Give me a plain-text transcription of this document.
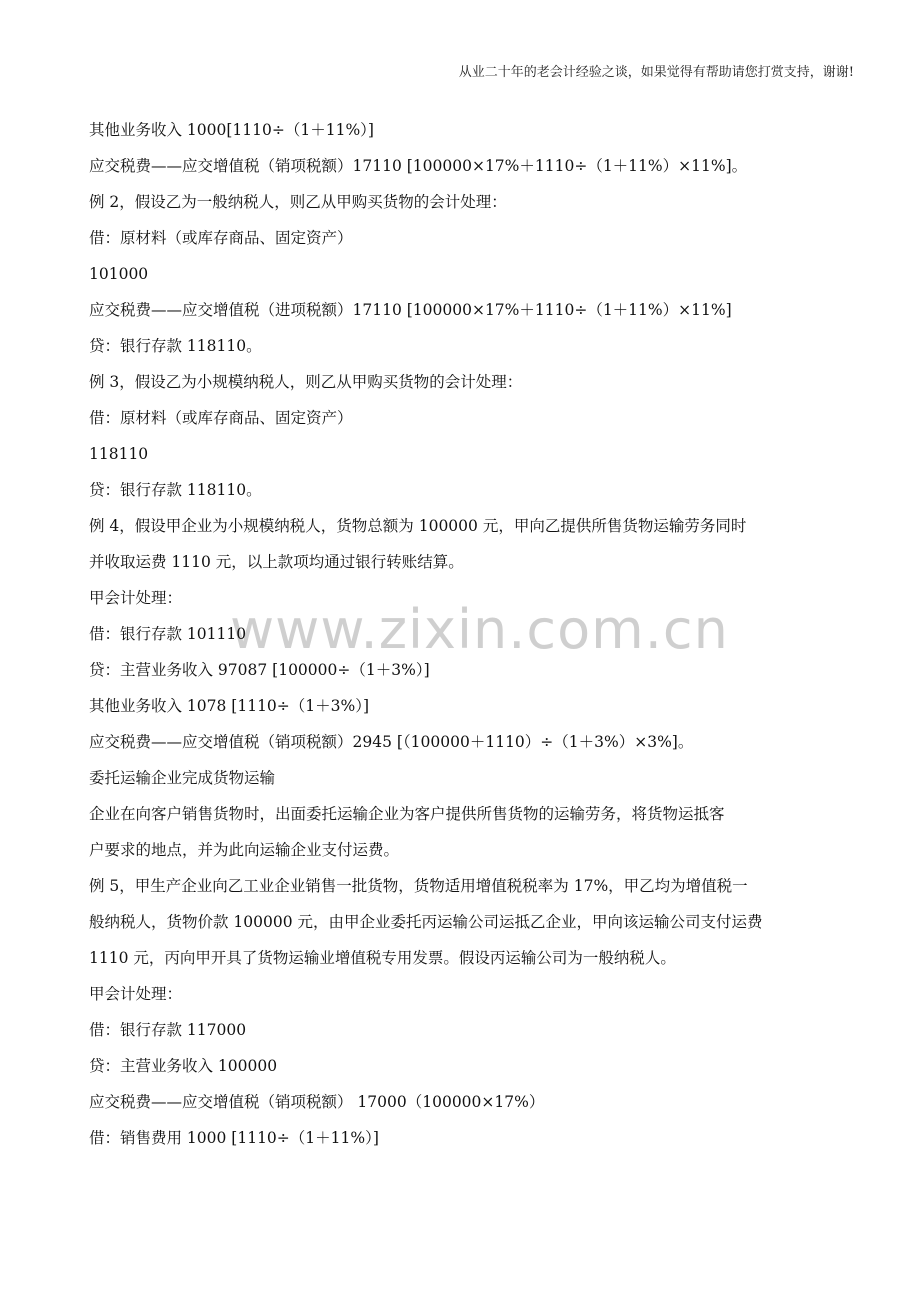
从业二十年的老会计经验之谈，如果觉得有帮助请您打赏支持，谢谢!
www.zixin.com.cn
其他业务收入 1000[1110÷（1＋11%）]
应交税费——应交增值税（销项税额）17110 [100000×17%＋1110÷（1＋11%）×11%]。
例 2，假设乙为一般纳税人，则乙从甲购买货物的会计处理：
借：原材料（或库存商品、固定资产）
101000
应交税费——应交增值税（进项税额）17110 [100000×17%＋1110÷（1＋11%）×11%]
贷：银行存款 118110。
例 3，假设乙为小规模纳税人，则乙从甲购买货物的会计处理：
借：原材料（或库存商品、固定资产）
118110
贷：银行存款 118110。
例 4，假设甲企业为小规模纳税人，货物总额为 100000 元，甲向乙提供所售货物运输劳务同时
并收取运费 1110 元，以上款项均通过银行转账结算。
甲会计处理：
借：银行存款 101110
贷：主营业务收入 97087 [100000÷（1＋3%）]
其他业务收入 1078 [1110÷（1＋3%）]
应交税费——应交增值税（销项税额）2945 [（100000＋1110）÷（1＋3%）×3%]。
委托运输企业完成货物运输
企业在向客户销售货物时，出面委托运输企业为客户提供所售货物的运输劳务，将货物运抵客
户要求的地点，并为此向运输企业支付运费。
例 5，甲生产企业向乙工业企业销售一批货物，货物适用增值税税率为 17%，甲乙均为增值税一
般纳税人，货物价款 100000 元，由甲企业委托丙运输公司运抵乙企业，甲向该运输公司支付运费
1110 元，丙向甲开具了货物运输业增值税专用发票。假设丙运输公司为一般纳税人。
甲会计处理：
借：银行存款 117000
贷：主营业务收入 100000
应交税费——应交增值税（销项税额） 17000（100000×17%）
借：销售费用 1000 [1110÷（1＋11%）]
